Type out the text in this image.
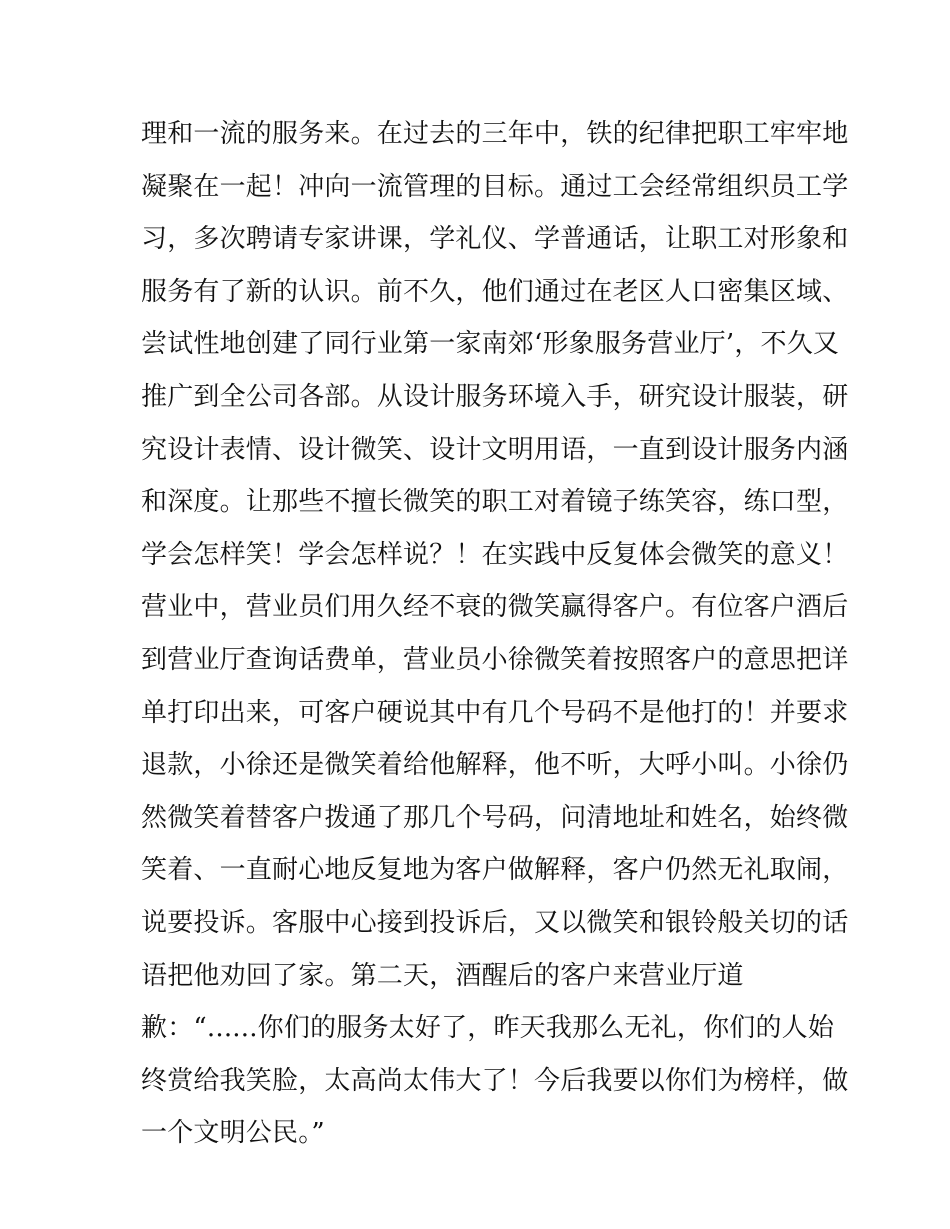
理和一流的服务来。在过去的三年中，铁的纪律把职工牢牢地
凝聚在一起！冲向一流管理的目标。通过工会经常组织员工学
习，多次聘请专家讲课，学礼仪、学普通话，让职工对形象和
服务有了新的认识。前不久，他们通过在老区人口密集区域、
尝试性地创建了同行业第一家南郊‘形象服务营业厅’，不久又
推广到全公司各部。从设计服务环境入手，研究设计服装，研
究设计表情、设计微笑、设计文明用语，一直到设计服务内涵
和深度。让那些不擅长微笑的职工对着镜子练笑容，练口型，
学会怎样笑！学会怎样说？！在实践中反复体会微笑的意义！
营业中，营业员们用久经不衰的微笑赢得客户。有位客户酒后
到营业厅查询话费单，营业员小徐微笑着按照客户的意思把详
单打印出来，可客户硬说其中有几个号码不是他打的！并要求
退款，小徐还是微笑着给他解释，他不听，大呼小叫。小徐仍
然微笑着替客户拨通了那几个号码，问清地址和姓名，始终微
笑着、一直耐心地反复地为客户做解释，客户仍然无礼取闹，
说要投诉。客服中心接到投诉后，又以微笑和银铃般关切的话
语把他劝回了家。第二天，酒醒后的客户来营业厅道
歉：“......你们的服务太好了，昨天我那么无礼，你们的人始
终赏给我笑脸，太高尚太伟大了！今后我要以你们为榜样，做
一个文明公民。”
